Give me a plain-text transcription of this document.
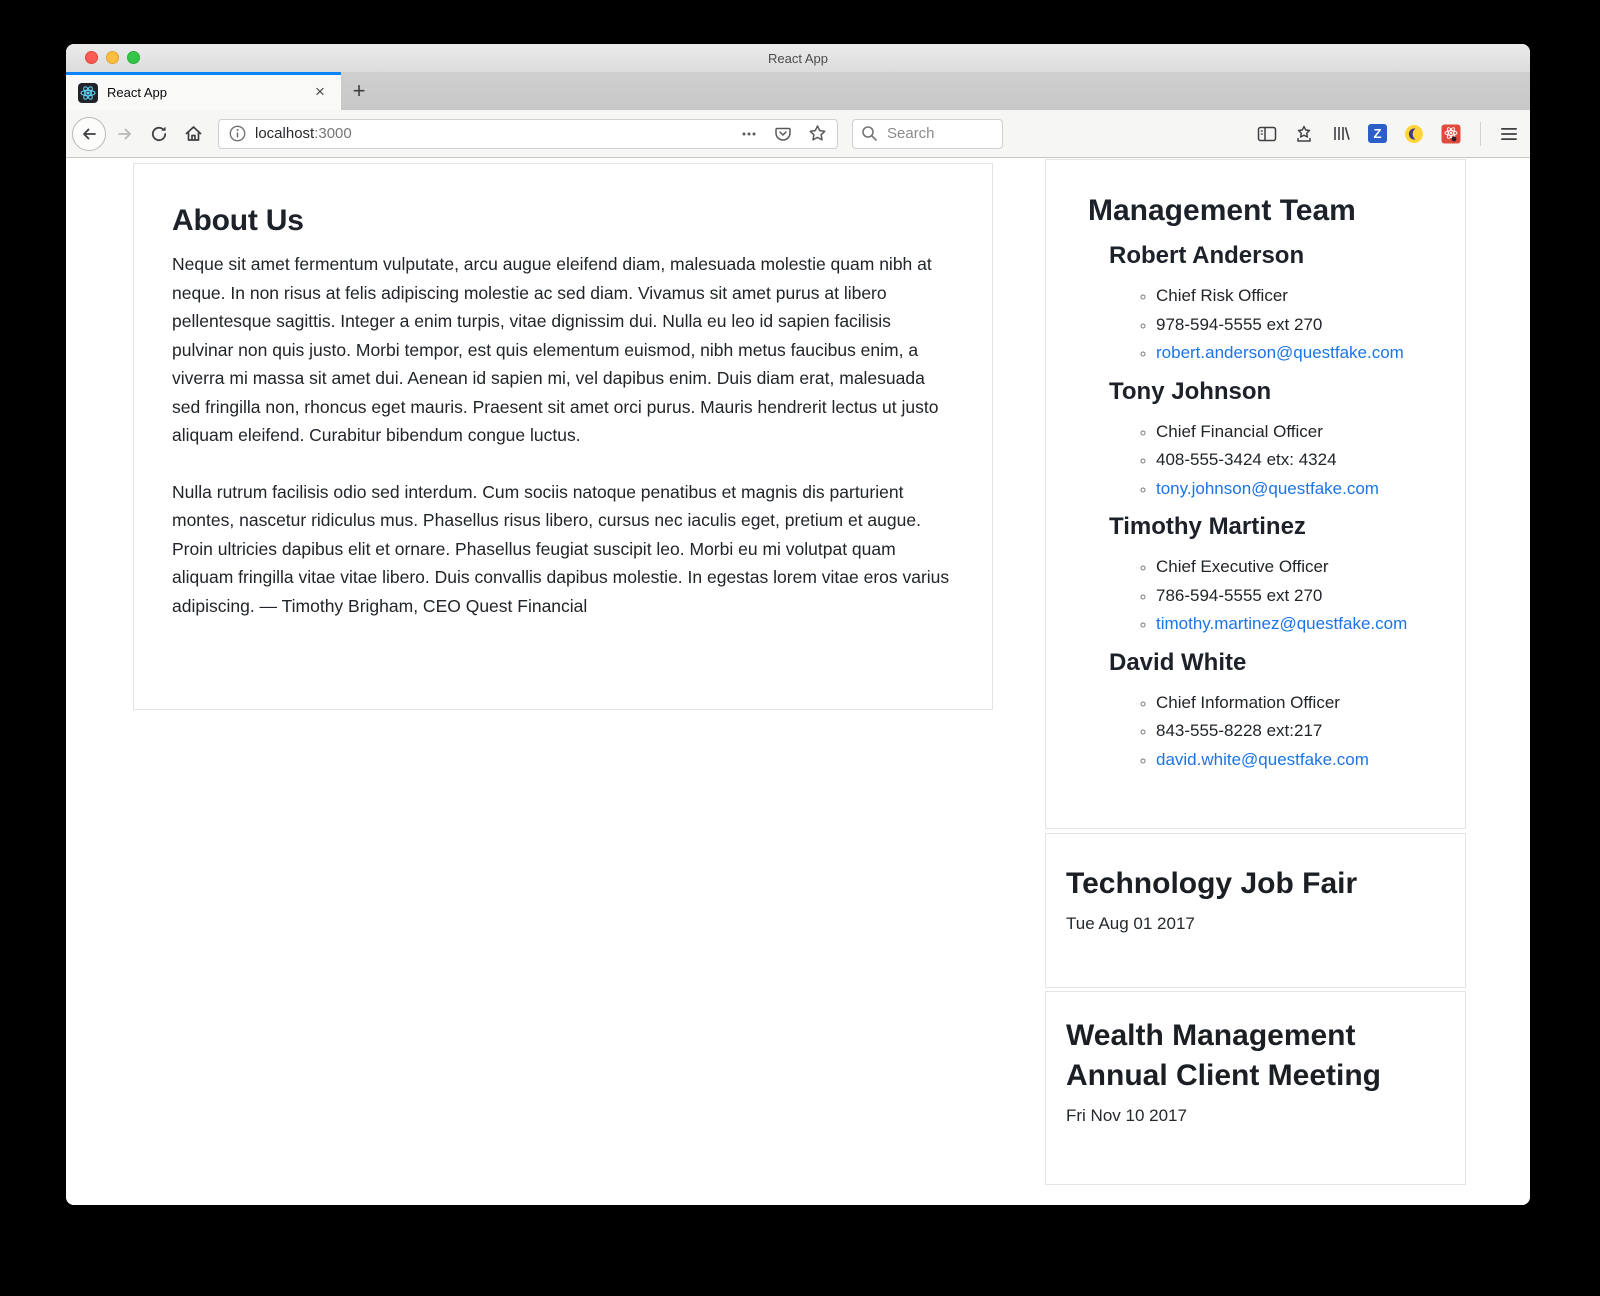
React App
React App	× +
localhost:3000
Search	Z
About Us

Neque sit amet fermentum vulputate, arcu augue eleifend diam, malesuada molestie quam nibh at neque. In non risus at felis adipiscing molestie ac sed diam. Vivamus sit amet purus at libero pellentesque sagittis. Integer a enim turpis, vitae dignissim dui. Nulla eu leo id sapien facilisis pulvinar non quis justo. Morbi tempor, est quis elementum euismod, nibh metus faucibus enim, a viverra mi massa sit amet dui. Aenean id sapien mi, vel dapibus enim. Duis diam erat, malesuada sed fringilla non, rhoncus eget mauris. Praesent sit amet orci purus. Mauris hendrerit lectus ut justo aliquam eleifend. Curabitur bibendum congue luctus.

Nulla rutrum facilisis odio sed interdum. Cum sociis natoque penatibus et magnis dis parturient montes, nascetur ridiculus mus. Phasellus risus libero, cursus nec iaculis eget, pretium et augue. Proin ultricies dapibus elit et ornare. Phasellus feugiat suscipit leo. Morbi eu mi volutpat quam aliquam fringilla vitae vitae libero. Duis convallis dapibus molestie. In egestas lorem vitae eros varius adipiscing. — Timothy Brigham, CEO Quest Financial

Management Team
Robert Anderson
◦ Chief Risk Officer
◦ 978-594-5555 ext 270
◦ robert.anderson@questfake.com
Tony Johnson
◦ Chief Financial Officer
◦ 408-555-3424 etx: 4324
◦ tony.johnson@questfake.com
Timothy Martinez
◦ Chief Executive Officer
◦ 786-594-5555 ext 270
◦ timothy.martinez@questfake.com
David White
◦ Chief Information Officer
◦ 843-555-8228 ext:217
◦ david.white@questfake.com
Technology Job Fair

Tue Aug 01 2017

Wealth Management Annual Client Meeting

Fri Nov 10 2017
